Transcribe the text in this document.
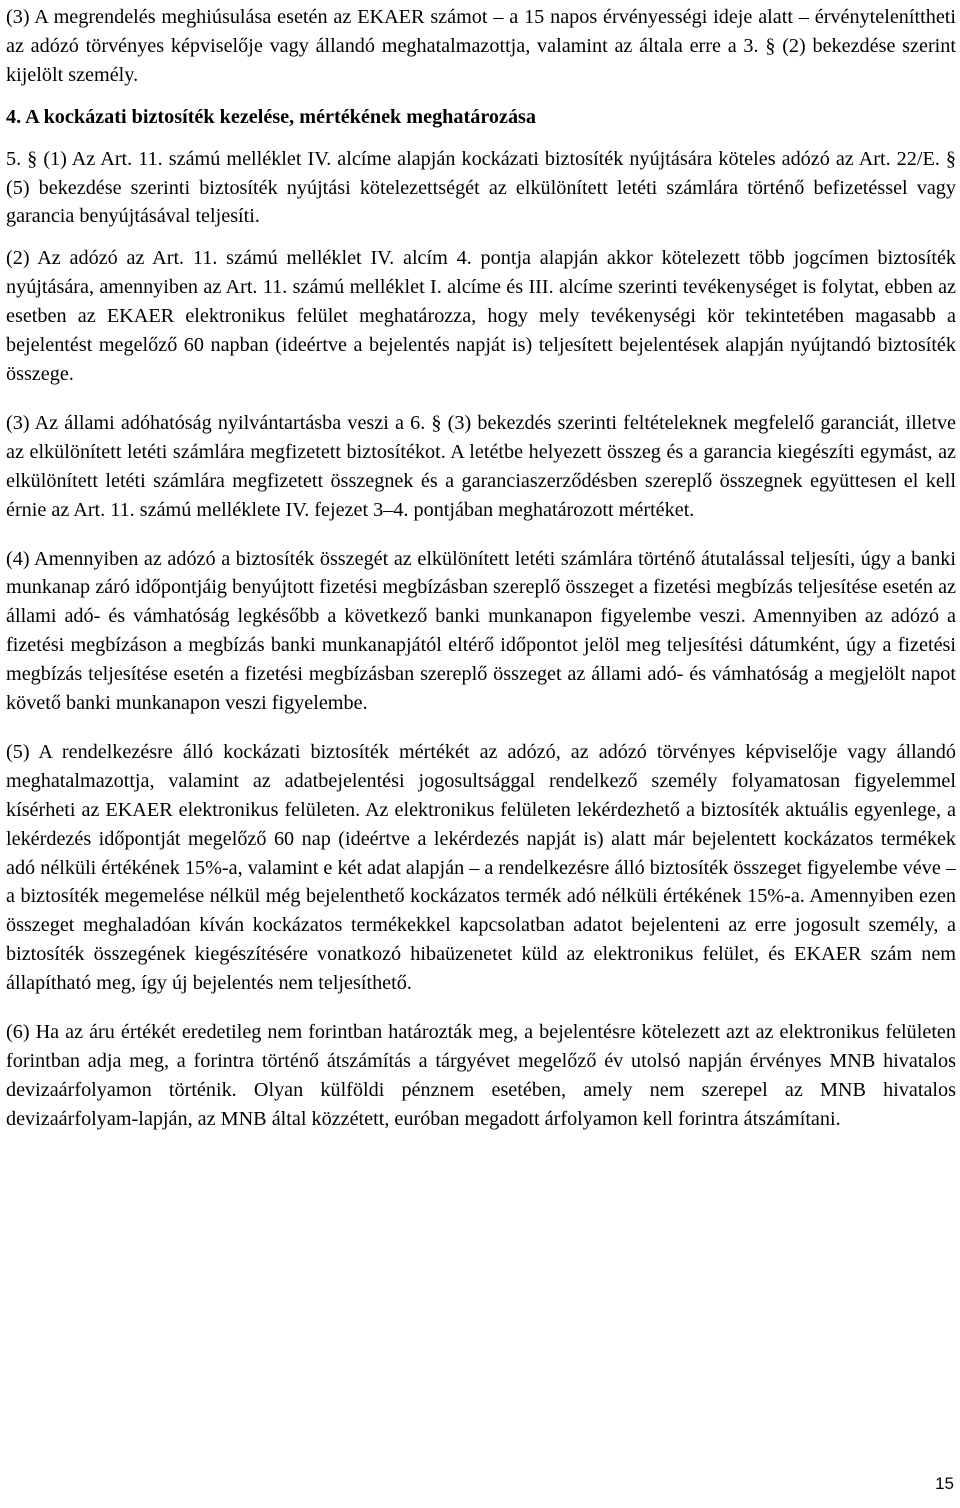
(3) A megrendelés meghiúsulása esetén az EKAER számot – a 15 napos érvényességi ideje alatt – érvényteleníttheti az adózó törvényes képviselője vagy állandó meghatalmazottja, valamint az általa erre a 3. § (2) bekezdése szerint kijelölt személy.

4. A kockázati biztosíték kezelése, mértékének meghatározása

5. § (1) Az Art. 11. számú melléklet IV. alcíme alapján kockázati biztosíték nyújtására köteles adózó az Art. 22/E. § (5) bekezdése szerinti biztosíték nyújtási kötelezettségét az elkülönített letéti számlára történő befizetéssel vagy garancia benyújtásával teljesíti.

(2) Az adózó az Art. 11. számú melléklet IV. alcím 4. pontja alapján akkor kötelezett több jogcímen biztosíték nyújtására, amennyiben az Art. 11. számú melléklet I. alcíme és III. alcíme szerinti tevékenységet is folytat, ebben az esetben az EKAER elektronikus felület meghatározza, hogy mely tevékenységi kör tekintetében magasabb a bejelentést megelőző 60 napban (ideértve a bejelentés napját is) teljesített bejelentések alapján nyújtandó biztosíték összege.

(3) Az állami adóhatóság nyilvántartásba veszi a 6. § (3) bekezdés szerinti feltételeknek megfelelő garanciát, illetve az elkülönített letéti számlára megfizetett biztosítékot. A letétbe helyezett összeg és a garancia kiegészíti egymást, az elkülönített letéti számlára megfizetett összegnek és a garanciaszerződésben szereplő összegnek együttesen el kell érnie az Art. 11. számú melléklete IV. fejezet 3–4. pontjában meghatározott mértéket.

(4) Amennyiben az adózó a biztosíték összegét az elkülönített letéti számlára történő átutalással teljesíti, úgy a banki munkanap záró időpontjáig benyújtott fizetési megbízásban szereplő összeget a fizetési megbízás teljesítése esetén az állami adó- és vámhatóság legkésőbb a következő banki munkanapon figyelembe veszi. Amennyiben az adózó a fizetési megbízáson a megbízás banki munkanapjától eltérő időpontot jelöl meg teljesítési dátumként, úgy a fizetési megbízás teljesítése esetén a fizetési megbízásban szereplő összeget az állami adó- és vámhatóság a megjelölt napot követő banki munkanapon veszi figyelembe.

(5) A rendelkezésre álló kockázati biztosíték mértékét az adózó, az adózó törvényes képviselője vagy állandó meghatalmazottja, valamint az adatbejelentési jogosultsággal rendelkező személy folyamatosan figyelemmel kísérheti az EKAER elektronikus felületen. Az elektronikus felületen lekérdezhető a biztosíték aktuális egyenlege, a lekérdezés időpontját megelőző 60 nap (ideértve a lekérdezés napját is) alatt már bejelentett kockázatos termékek adó nélküli értékének 15%-a, valamint e két adat alapján – a rendelkezésre álló biztosíték összeget figyelembe véve – a biztosíték megemelése nélkül még bejelenthető kockázatos termék adó nélküli értékének 15%-a. Amennyiben ezen összeget meghaladóan kíván kockázatos termékekkel kapcsolatban adatot bejelenteni az erre jogosult személy, a biztosíték összegének kiegészítésére vonatkozó hibaüzenetet küld az elektronikus felület, és EKAER szám nem állapítható meg, így új bejelentés nem teljesíthető.

(6) Ha az áru értékét eredetileg nem forintban határozták meg, a bejelentésre kötelezett azt az elektronikus felületen forintban adja meg, a forintra történő átszámítás a tárgyévet megelőző év utolsó napján érvényes MNB hivatalos devizaárfolyamon történik. Olyan külföldi pénznem esetében, amely nem szerepel az MNB hivatalos devizaárfolyam-lapján, az MNB által közzétett, euróban megadott árfolyamon kell forintra átszámítani.

15
